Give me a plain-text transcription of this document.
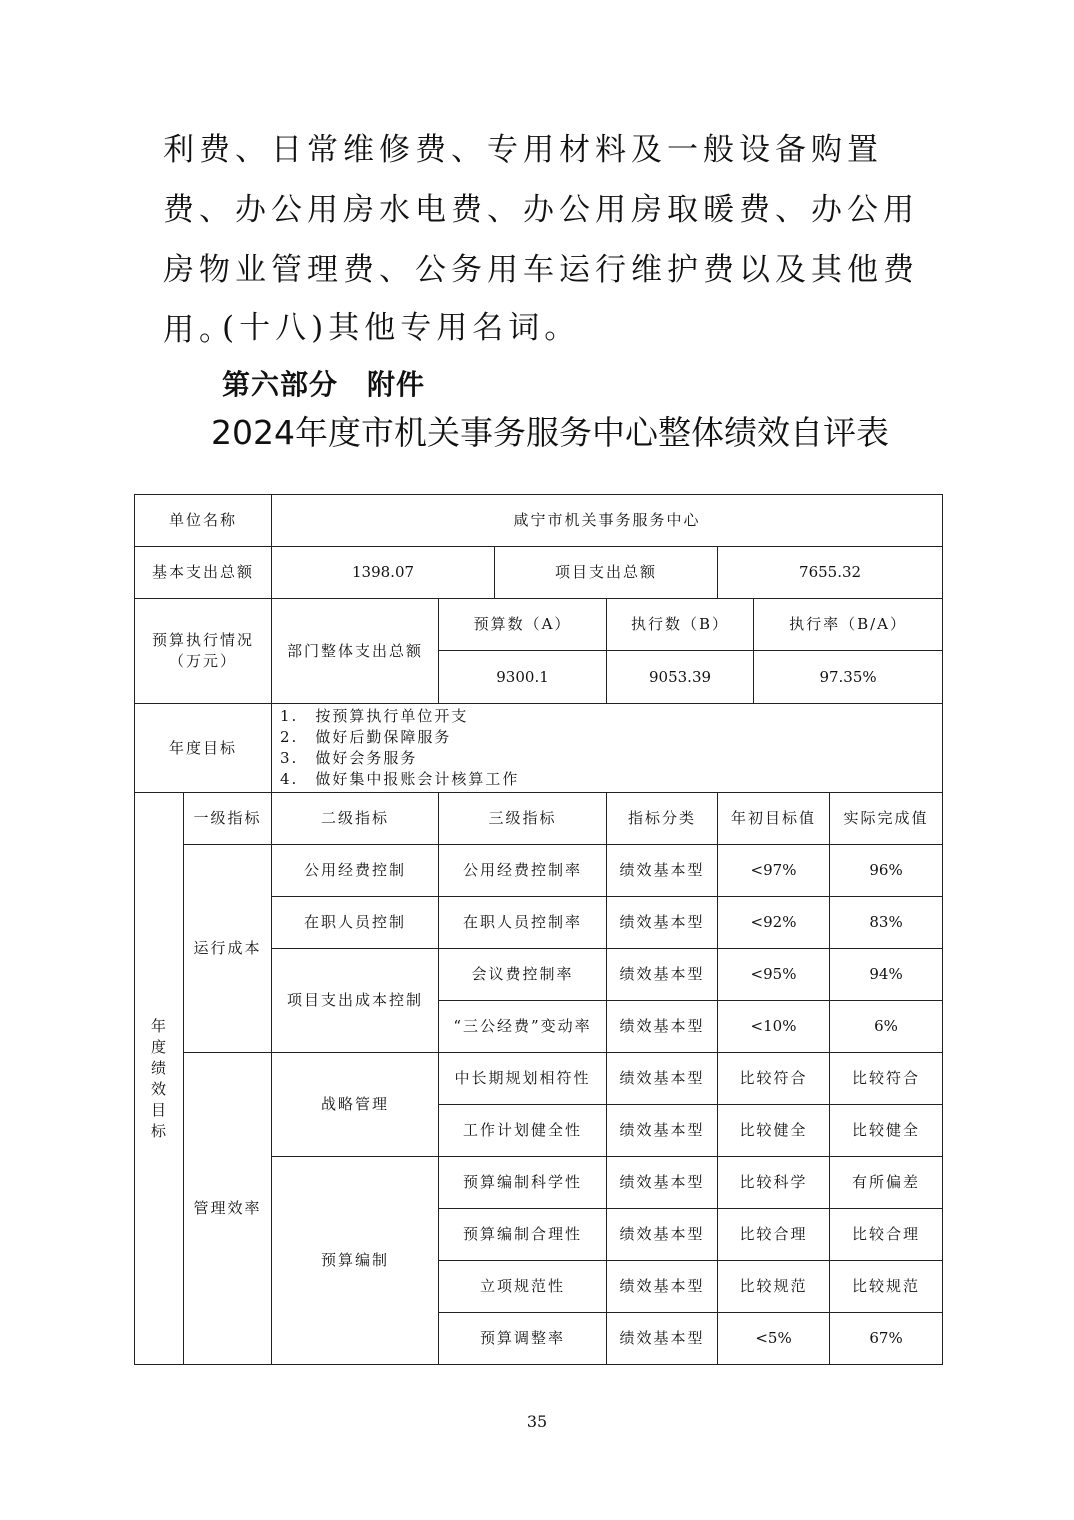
利费、日常维修费、专用材料及一般设备购置费、办公用房水电费、办公用房取暖费、办公用房物业管理费、公务用车运行维护费以及其他费用。

(十八)其他专用名词。

第六部分　附件
2024年度市机关事务服务中心整体绩效自评表
单位名称		咸宁市机关事务服务中心						
基本支出总额		1398.07		项目支出总额		7655.32		
预算执行情况（万元）		部门整体支出总额	预算数（A）		执行数（B）		执行率（B/A）	
			9300.1		9053.39		97.35%	
年度目标		1.　按预算执行单位开支
2.　做好后勤保障服务
3.　做好会务服务
4.　做好集中报账会计核算工作						

年度绩效目标	一级指标	二级指标	三级指标		指标分类	年初目标值		实际完成值
	运行成本	公用经费控制	公用经费控制率		绩效基本型	<97%		96%
		在职人员控制	在职人员控制率		绩效基本型	<92%		83%
		项目支出成本控制	会议费控制率		绩效基本型	<95%		94%
			“三公经费”变动率		绩效基本型	<10%		6%
	管理效率	战略管理	中长期规划相符性		绩效基本型	比较符合		比较符合
			工作计划健全性		绩效基本型	比较健全		比较健全
		预算编制	预算编制科学性		绩效基本型	比较科学		有所偏差
			预算编制合理性		绩效基本型	比较合理		比较合理
			立项规范性		绩效基本型	比较规范		比较规范
			预算调整率		绩效基本型	<5%		67%
35
